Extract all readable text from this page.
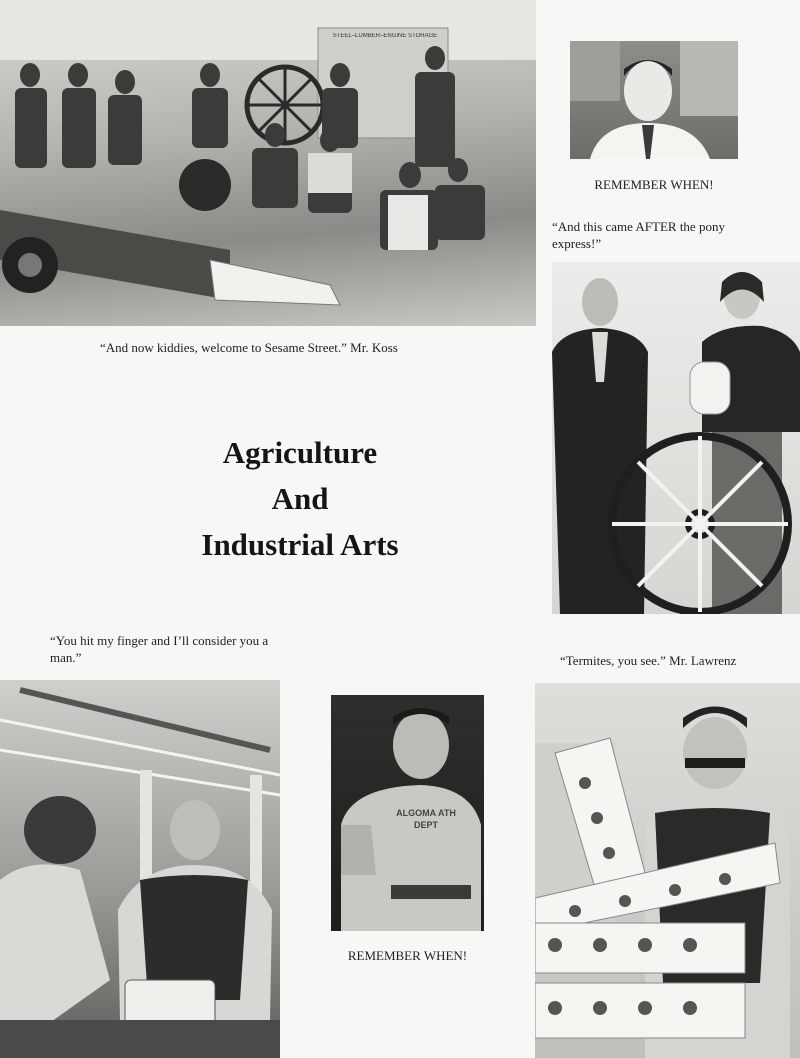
STEEL–LUMBER–ENGINE STORAGE
“And now kiddies, welcome to Sesame Street.” Mr. Koss
REMEMBER WHEN!
“And this came AFTER the pony express!”
Agriculture
And
Industrial Arts
“You hit my finger and I’ll consider you a man.”	“Termites, you see.” Mr. Lawrenz
ALGOMA ATH DEPT
REMEMBER WHEN!
